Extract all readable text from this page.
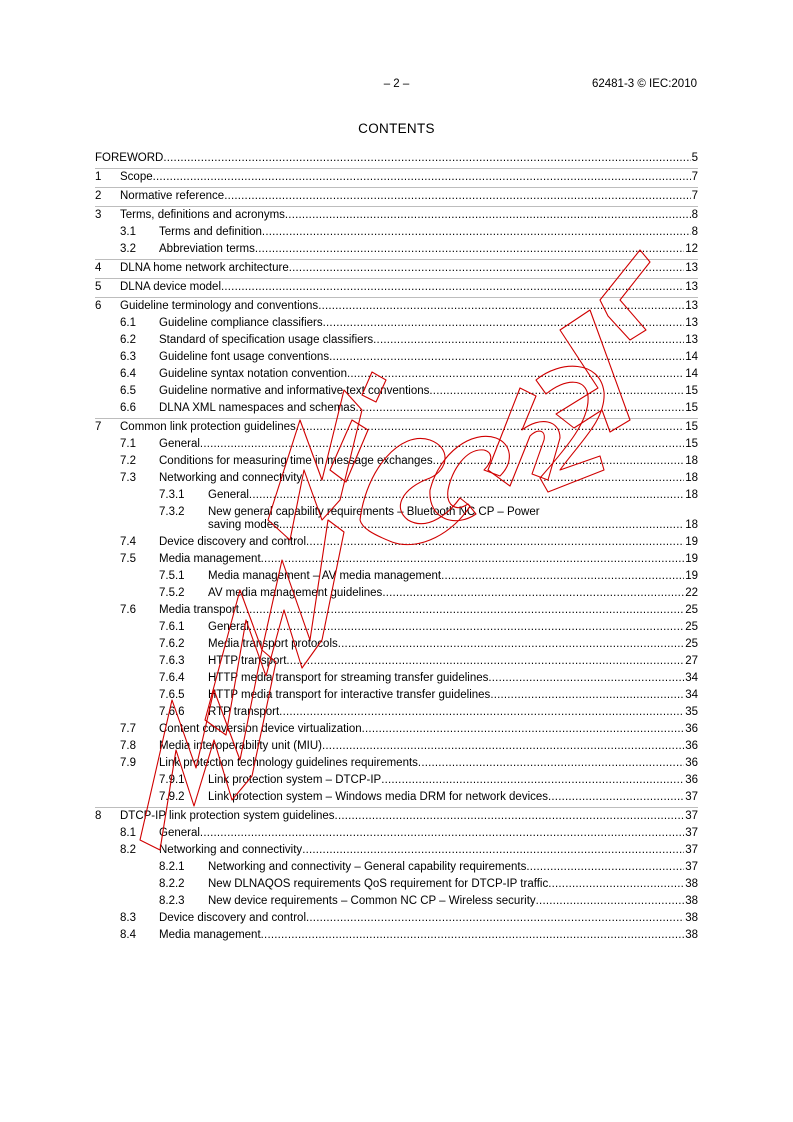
– 2 –	62481-3 © IEC:2010
CONTENTS
FOREWORD .....	5
1 Scope .....	7
2 Normative reference .....	7
3 Terms, definitions and acronyms .....	8
3.1 Terms and definition .....	8
3.2 Abbreviation terms .....	12
4 DLNA home network architecture .....	13
5 DLNA device model .....	13
6 Guideline terminology and conventions .....	13
6.1 Guideline compliance classifiers .....	13
6.2 Standard of specification usage classifiers .....	13
6.3 Guideline font usage conventions .....	14
6.4 Guideline syntax notation convention .....	14
6.5 Guideline normative and informative text conventions .....	15
6.6 DLNA XML namespaces and schemas .....	15
7 Common link protection guidelines .....	15
7.1 General .....	15
7.2 Conditions for measuring time in message exchanges .....	18
7.3 Networking and connectivity .....	18
7.3.1 General .....	18
7.3.2 New general capability requirements – Bluetooth NC CP – Power
saving modes .....	18
7.4 Device discovery and control .....	19
7.5 Media management .....	19
7.5.1 Media management – AV media management .....	19
7.5.2 AV media management guidelines .....	22
7.6 Media transport .....	25
7.6.1 General .....	25
7.6.2 Media transport protocols .....	25
7.6.3 HTTP transport .....	27
7.6.4 HTTP media transport for streaming transfer guidelines .....	34
7.6.5 HTTP media transport for interactive transfer guidelines .....	34
7.6.6 RTP transport .....	35
7.7 Content conversion device virtualization .....	36
7.8 Media interoperability unit (MIU) .....	36
7.9 Link protection technology guidelines requirements .....	36
7.9.1 Link protection system – DTCP-IP .....	36
7.9.2 Link protection system – Windows media DRM for network devices .....	37
8 DTCP-IP link protection system guidelines .....	37
8.1 General .....	37
8.2 Networking and connectivity .....	37
8.2.1 Networking and connectivity – General capability requirements .....	37
8.2.2 New DLNAQOS requirements QoS requirement for DTCP-IP traffic .....	38
8.2.3 New device requirements – Common NC CP – Wireless security .....	38
8.3 Device discovery and control .....	38
8.4 Media management .....	38
